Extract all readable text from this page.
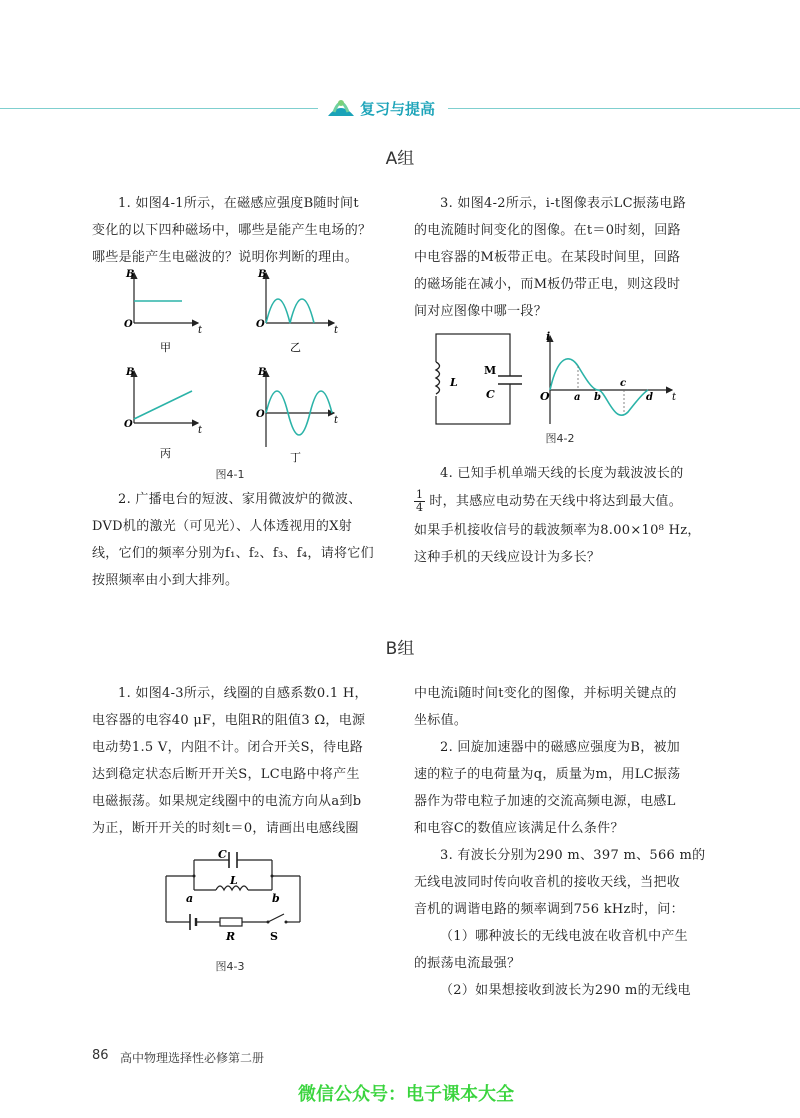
复习与提高
A组

1. 如图4-1所示，在磁感应强度B随时间t

变化的以下四种磁场中，哪些是能产生电场的？

哪些是能产生电磁波的？说明你判断的理由。

B
O
t
甲
B
O
t
乙
B
O
t
丙
B
O
t
丁
图4-1

2. 广播电台的短波、家用微波炉的微波、

DVD机的激光（可见光）、人体透视用的X射

线，它们的频率分别为f₁、f₂、f₃、f₄，请将它们

按照频率由小到大排列。

3. 如图4-2所示，i-t图像表示LC振荡电路

的电流随时间变化的图像。在t＝0时刻，回路

中电容器的M板带正电。在某段时间里，回路

的磁场能在减小，而M板仍带正电，则这段时

间对应图像中哪一段？

L
M
C
i
O a b
c
d t
图4-2

4. 已知手机单端天线的长度为载波波长的

$\frac{1}{4}$ 时，其感应电动势在天线中将达到最大值。

如果手机接收信号的载波频率为8.00×10⁸ Hz，

这种手机的天线应设计为多长？

B组

1. 如图4-3所示，线圈的自感系数0.1 H，

电容器的电容40 μF，电阻R的阻值3 Ω，电源

电动势1.5 V，内阻不计。闭合开关S，待电路

达到稳定状态后断开开关S，LC电路中将产生

电磁振荡。如果规定线圈中的电流方向从a到b

为正，断开开关的时刻t＝0，请画出电感线圈

C
L
a	b
R	S
图4-3

中电流i随时间t变化的图像，并标明关键点的

坐标值。

2. 回旋加速器中的磁感应强度为B，被加

速的粒子的电荷量为q，质量为m，用LC振荡

器作为带电粒子加速的交流高频电源，电感L

和电容C的数值应该满足什么条件？

3. 有波长分别为290 m、397 m、566 m的

无线电波同时传向收音机的接收天线，当把收

音机的调谐电路的频率调到756 kHz时，问：

（1）哪种波长的无线电波在收音机中产生

的振荡电流最强？

（2）如果想接收到波长为290 m的无线电

86 高中物理选择性必修第二册
微信公众号：电子课本大全
